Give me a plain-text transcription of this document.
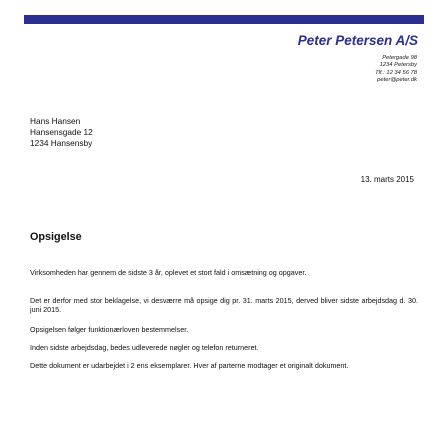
Peter Petersen A/S
Petergade 98
1234 Petersby
Tlf.: 12 34 56 78
peter@peter.dk
Hans Hansen
Hansensgade 12
1234 Hansensby
13. marts 2015
Opsigelse
Virksomheden har gennem de sidste 3 år, oplevet et stort fald i omsætning og opgaver.
Det er derfor med stor beklagelse, vi desværre må opsige dig pr. 31. marts 2015, derved bliver sidste arbejdsdag d. 30. juni 2015.
Opsigelsen følger funktionærloven bestemmelser.
Inden sidste arbejdsdag, bedes udleverede nøgler og telefon returneret.
Dette dokument er udarbejdet i 2 ens eksemplarer. Hver af parterne modtager et originalt dokument.
